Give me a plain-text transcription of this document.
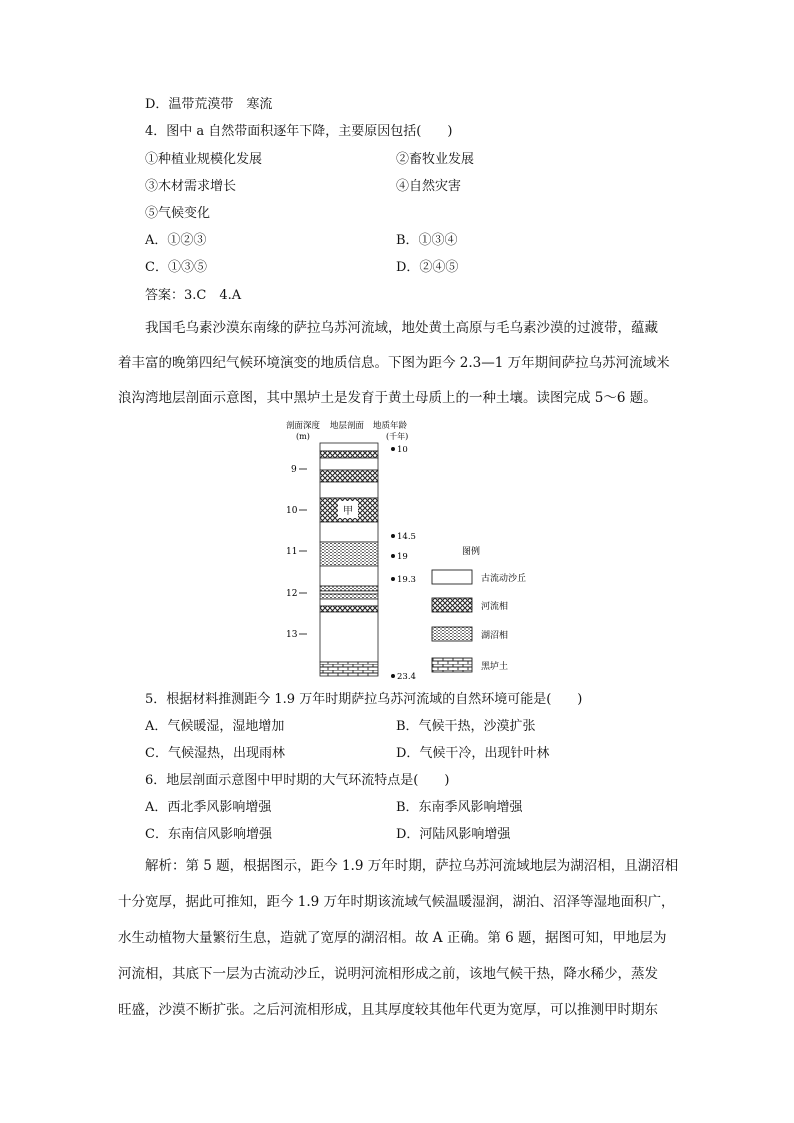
D．温带荒漠带　寒流
4．图中 a 自然带面积逐年下降，主要原因包括(　　)
①种植业规模化发展	②畜牧业发展
③木材需求增长	④自然灾害
⑤气候变化
A．①②③	B．①③④
C．①③⑤	D．②④⑤
答案：3.C　4.A
我国毛乌素沙漠东南缘的萨拉乌苏河流域，地处黄土高原与毛乌素沙漠的过渡带，蕴藏
着丰富的晚第四纪气候环境演变的地质信息。下图为距今 2.3—1 万年期间萨拉乌苏河流域米
浪沟湾地层剖面示意图，其中黑垆土是发育于黄土母质上的一种土壤。读图完成 5～6 题。
剖面深度 地层剖面 地质年龄
(m)	(千年)
甲
9
10
11
12
13
10
14.5
19
19.3
23.4
图例
古流动沙丘
河流相
湖沼相
黑垆土
5．根据材料推测距今 1.9 万年时期萨拉乌苏河流域的自然环境可能是(　　)
A．气候暖湿，湿地增加	B．气候干热，沙漠扩张
C．气候湿热，出现雨林	D．气候干冷，出现针叶林
6．地层剖面示意图中甲时期的大气环流特点是(　　)
A．西北季风影响增强	B．东南季风影响增强
C．东南信风影响增强	D．河陆风影响增强
解析：第 5 题，根据图示，距今 1.9 万年时期，萨拉乌苏河流域地层为湖沼相，且湖沼相
十分宽厚，据此可推知，距今 1.9 万年时期该流域气候温暖湿润，湖泊、沼泽等湿地面积广，
水生动植物大量繁衍生息，造就了宽厚的湖沼相。故 A 正确。第 6 题，据图可知，甲地层为
河流相，其底下一层为古流动沙丘，说明河流相形成之前，该地气候干热，降水稀少，蒸发
旺盛，沙漠不断扩张。之后河流相形成，且其厚度较其他年代更为宽厚，可以推测甲时期东
